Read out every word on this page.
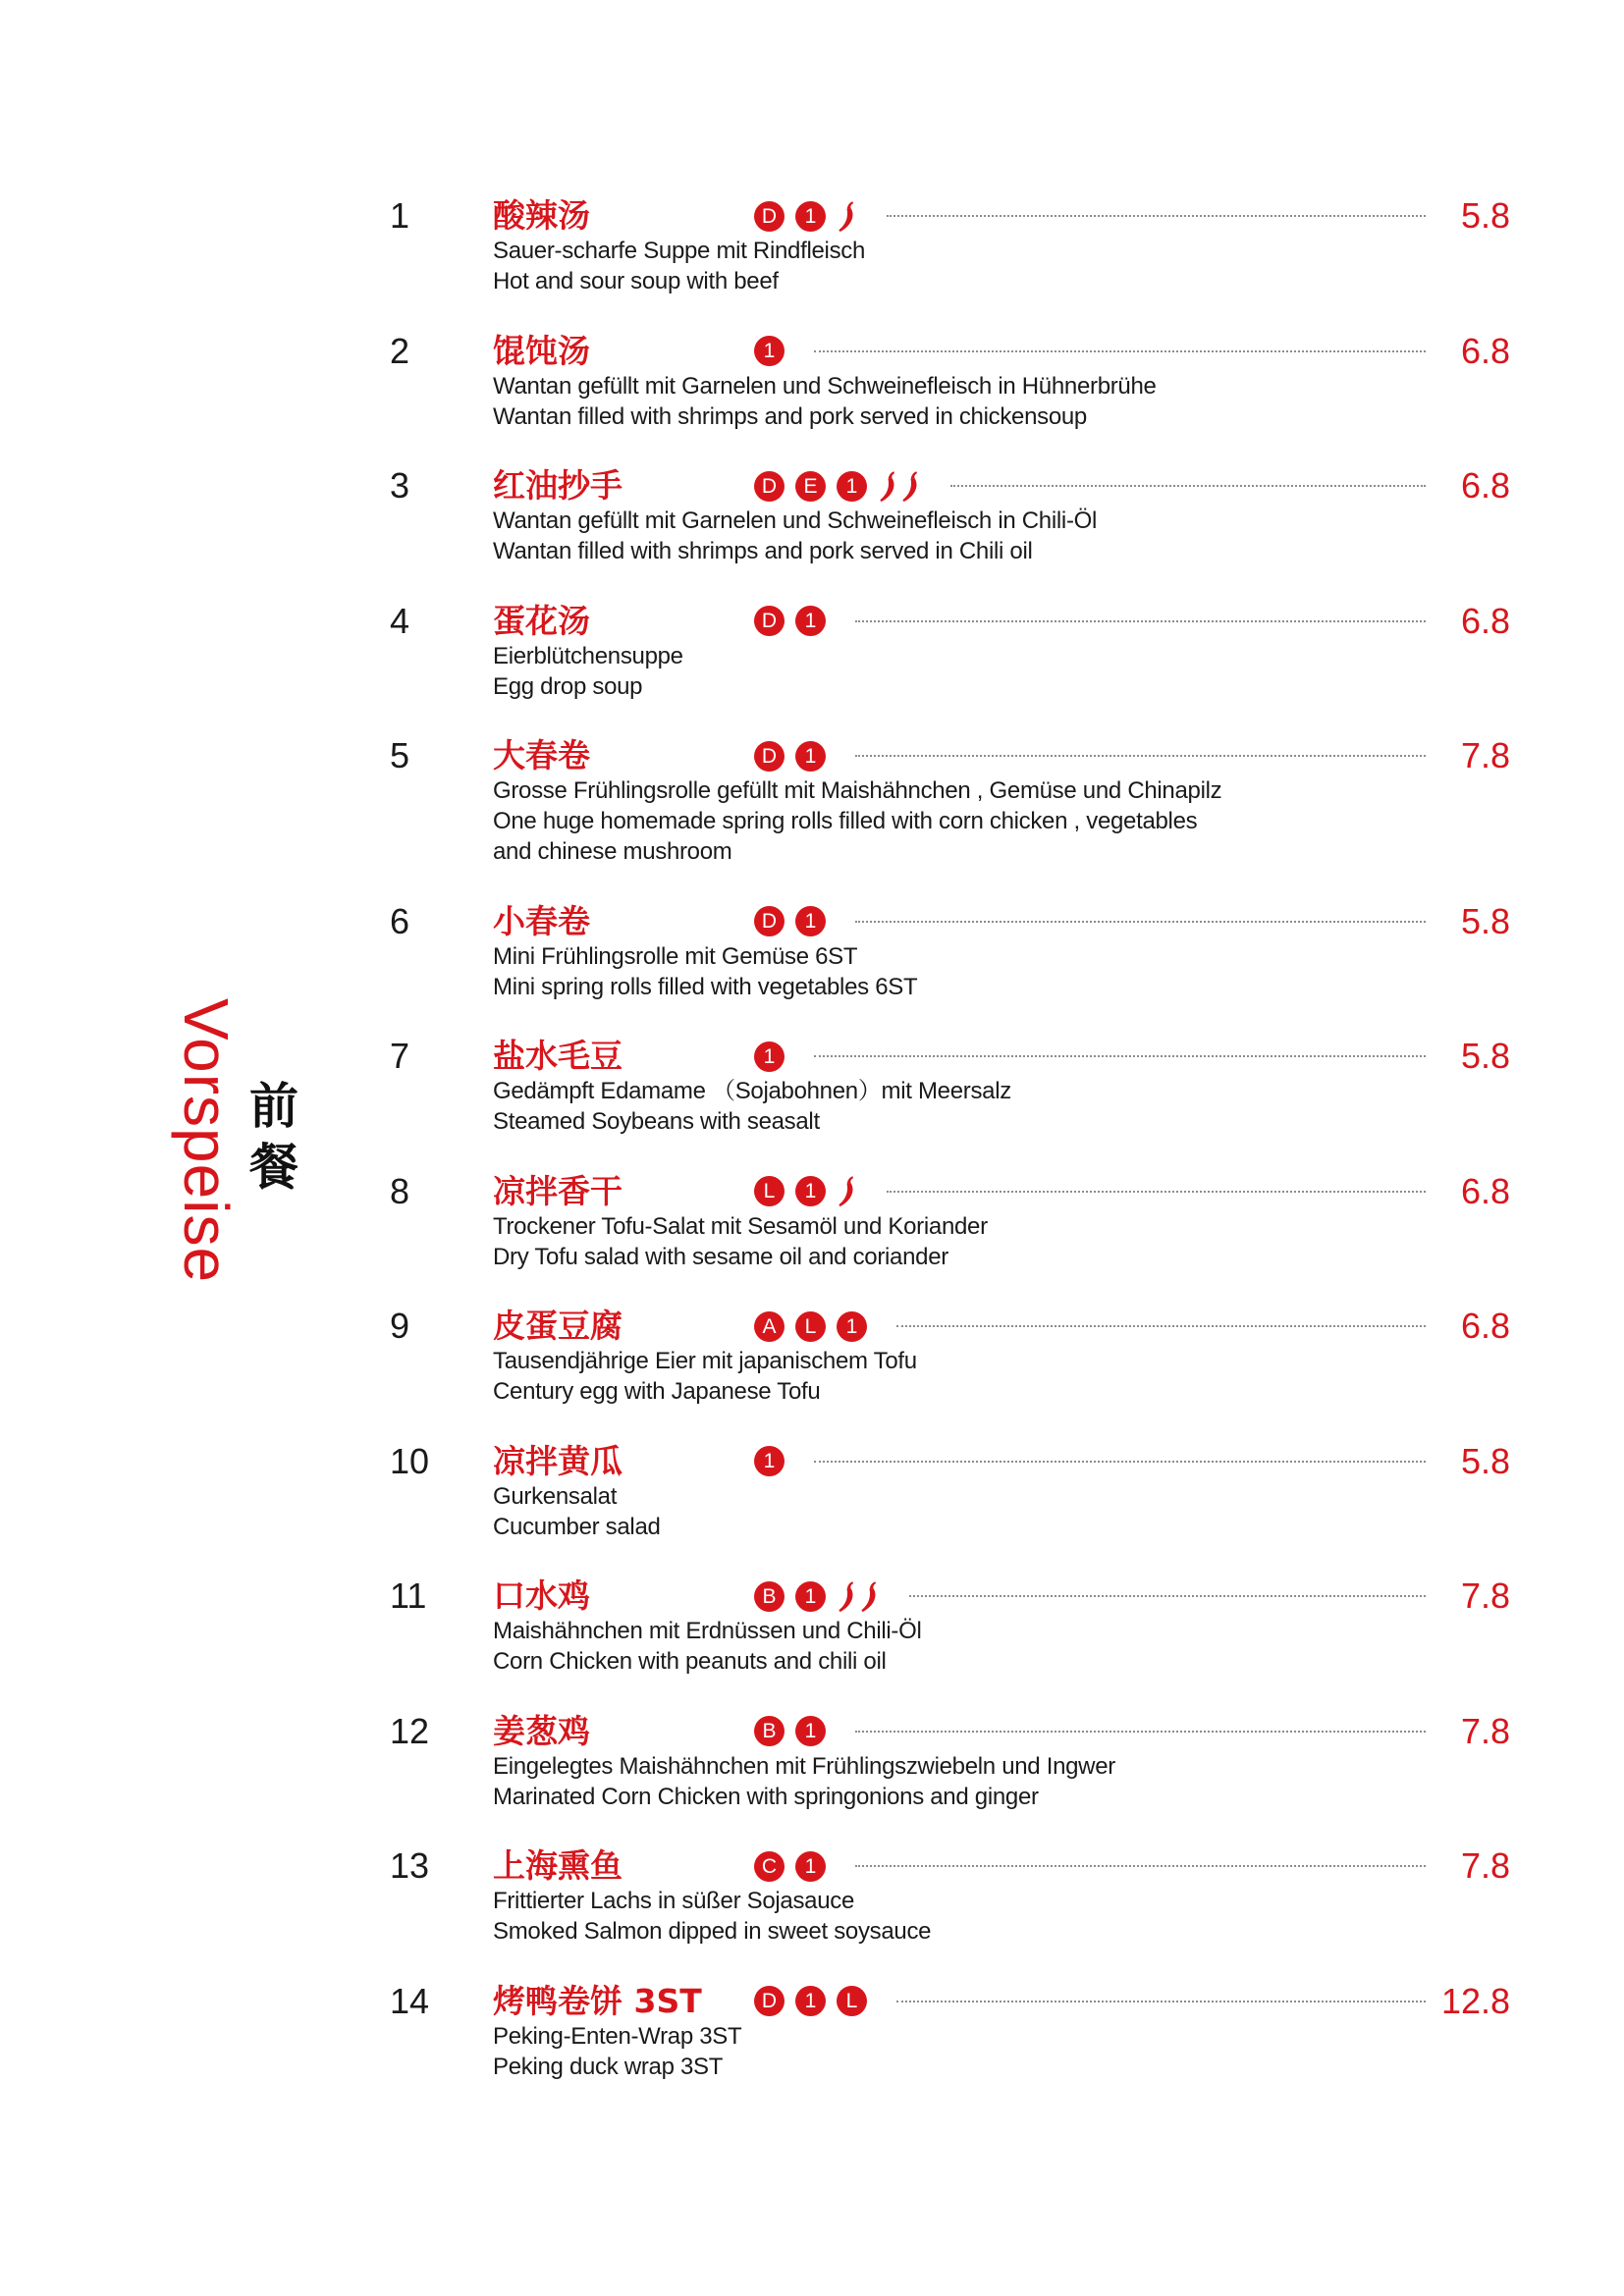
Vorspeise 前餐
1	酸辣汤	D	1	5.8
Sauer-scharfe Suppe mit Rindfleisch
Hot and sour soup with beef
2	馄饨汤	1	6.8
Wantan gefüllt mit Garnelen und Schweinefleisch in Hühnerbrühe
Wantan filled with shrimps and pork served in chickensoup
3	红油抄手	D	E	1	6.8
Wantan gefüllt mit Garnelen und Schweinefleisch in Chili-Öl
Wantan filled with shrimps and pork served in Chili oil
4	蛋花汤	D	1	6.8
Eierblütchensuppe
Egg drop soup
5	大春卷	D	1	7.8
Grosse Frühlingsrolle gefüllt mit Maishähnchen , Gemüse und Chinapilz
One huge homemade spring rolls filled with corn chicken , vegetables
and chinese mushroom
6	小春卷	D	1	5.8
Mini Frühlingsrolle mit Gemüse 6ST
Mini spring rolls filled with vegetables 6ST
7	盐水毛豆	1	5.8
Gedämpft Edamame （Sojabohnen）mit Meersalz
Steamed Soybeans with seasalt
8	凉拌香干	L	1	6.8
Trockener Tofu-Salat mit Sesamöl und Koriander
Dry Tofu salad with sesame oil and coriander
9	皮蛋豆腐	A	L	1	6.8
Tausendjährige Eier mit japanischem Tofu
Century egg with Japanese Tofu
10	凉拌黄瓜	1	5.8
Gurkensalat
Cucumber salad
11	口水鸡	B	1	7.8
Maishähnchen mit Erdnüssen und Chili-Öl
Corn Chicken with peanuts and chili oil
12	姜葱鸡	B	1	7.8
Eingelegtes Maishähnchen mit Frühlingszwiebeln und Ingwer
Marinated Corn Chicken with springonions and ginger
13	上海熏鱼	C	1	7.8
Frittierter Lachs in süßer Sojasauce
Smoked Salmon dipped in sweet soysauce
14	烤鸭卷饼 3ST	D	1	L	12.8
Peking-Enten-Wrap 3ST
Peking duck wrap 3ST
